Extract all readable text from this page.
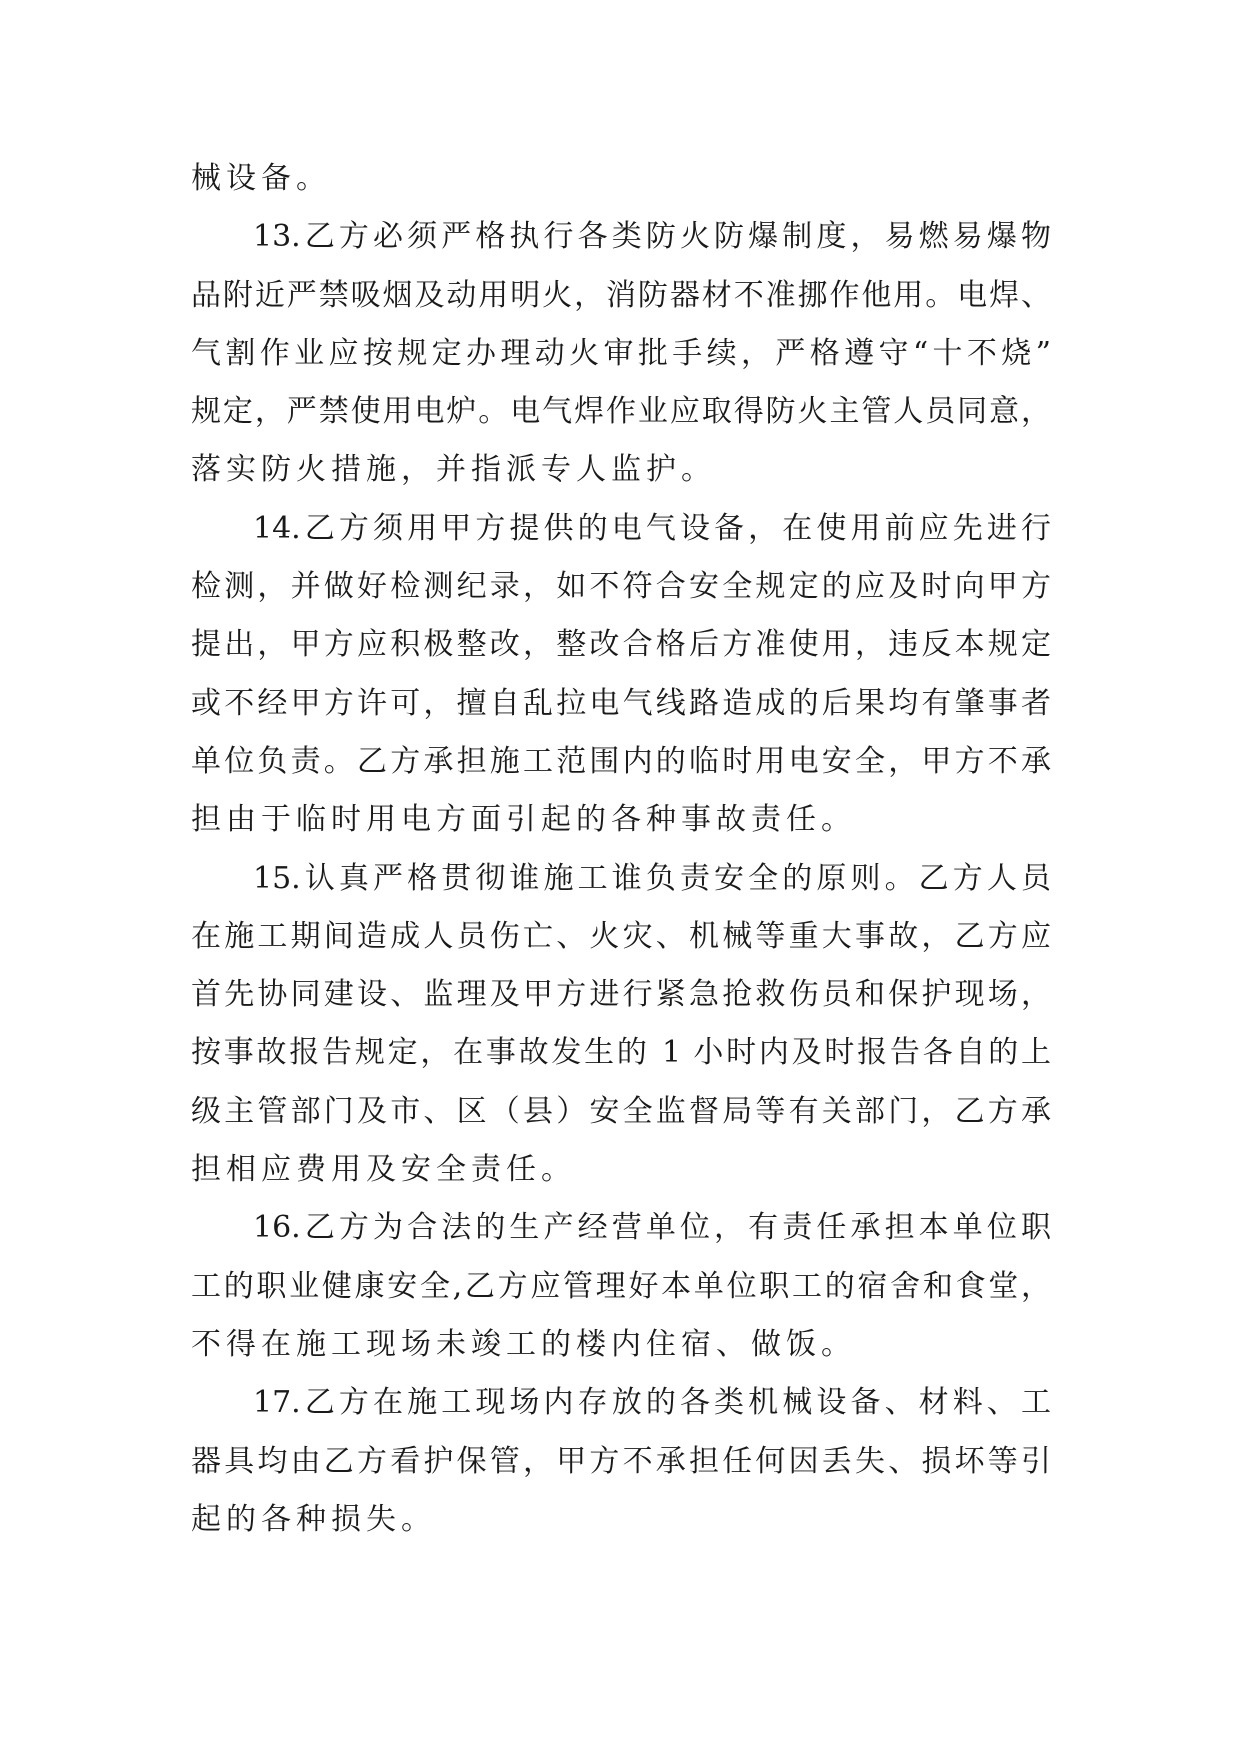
械设备。
13.乙方必须严格执行各类防火防爆制度，易燃易爆物
品附近严禁吸烟及动用明火，消防器材不准挪作他用。电焊、
气割作业应按规定办理动火审批手续，严格遵守“十不烧”
规定，严禁使用电炉。电气焊作业应取得防火主管人员同意，
落实防火措施，并指派专人监护。
14.乙方须用甲方提供的电气设备，在使用前应先进行
检测，并做好检测纪录，如不符合安全规定的应及时向甲方
提出，甲方应积极整改，整改合格后方准使用，违反本规定
或不经甲方许可，擅自乱拉电气线路造成的后果均有肇事者
单位负责。乙方承担施工范围内的临时用电安全，甲方不承
担由于临时用电方面引起的各种事故责任。
15.认真严格贯彻谁施工谁负责安全的原则。乙方人员
在施工期间造成人员伤亡、火灾、机械等重大事故，乙方应
首先协同建设、监理及甲方进行紧急抢救伤员和保护现场，
按事故报告规定，在事故发生的 1 小时内及时报告各自的上
级主管部门及市、区（县）安全监督局等有关部门，乙方承
担相应费用及安全责任。
16.乙方为合法的生产经营单位，有责任承担本单位职
工的职业健康安全,乙方应管理好本单位职工的宿舍和食堂，
不得在施工现场未竣工的楼内住宿、做饭。
17.乙方在施工现场内存放的各类机械设备、材料、工
器具均由乙方看护保管，甲方不承担任何因丢失、损坏等引
起的各种损失。
